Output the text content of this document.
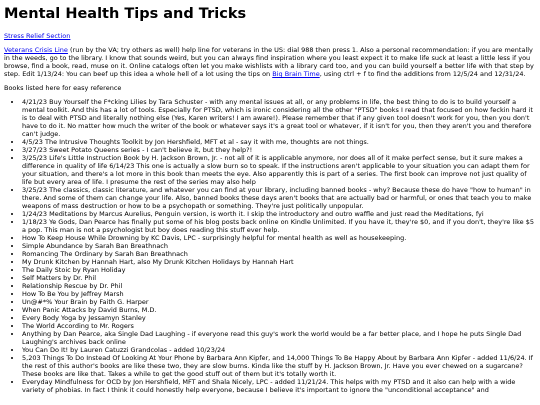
Mental Health Tips and Tricks
Stress Relief Section

Veterans Crisis Line (run by the VA; try others as well) help line for veterans in the US: dial 988 then press 1. Also a personal recommendation: if you are mentally in the weeds, go to the library. I know that sounds weird, but you can always find inspiration where you least expect it to make life suck at least a little less if you browse, find a book, read, muse on it. Online catalogs often let you make wishlists with a library card too, and you can build yourself a better life with that step by step. Edit 1/13/24: You can beef up this idea a whole hell of a lot using the tips on Big Brain Time, using ctrl + f to find the additions from 12/5/24 and 12/31/24.

Books listed here for easy reference

• 4/21/23 Buy Yourself the F*cking Lilies by Tara Schuster - with any mental issues at all, or any problems in life, the best thing to do is to build yourself a mental toolkit. And this has a lot of tools. Especially for PTSD, which is ironic considering all the other "PTSD" books I read that focused on how feckin hard it is to deal with PTSD and literally nothing else (Yes, Karen writers! I am aware!). Please remember that if any given tool doesn't work for you, then you don't have to do it. No matter how much the writer of the book or whatever says it's a great tool or whatever, if it isn't for you, then they aren't you and therefore can't judge.
• 4/5/23 The Intrusive Thoughts Toolkit by Jon Hershfield, MFT et al - say it with me, thoughts are not things.
• 3/27/23 Sweet Potato Queens series - I can't believe it, but they help?!
• 3/25/23 Life's Little Instruction Book by H. Jackson Brown, Jr. - not all of it is applicable anymore, nor does all of it make perfect sense, but it sure makes a difference in quality of life 6/14/23 This one is actually a slow burn so to speak. If the instructions aren't applicable to your situation you can adapt them for your situation, and there's a lot more in this book than meets the eye. Also apparently this is part of a series. The first book can improve not just quality of life but every area of life. I presume the rest of the series may also help
• 3/25/23 The classics, classic literature, and whatever you can find at your library, including banned books - why? Because these do have "how to human" in there. And some of them can change your life. Also, banned books these days aren't books that are actually bad or harmful, or ones that teach you to make weapons of mass destruction or how to be a psychopath or something. They're just politically unpopular.
• 1/24/23 Meditations by Marcus Aurelius, Penguin version, is worth it. I skip the introductory and outro waffle and just read the Meditations, fyi
• 1/18/23 Ye Gods, Dan Pearce has finally put some of his blog posts back online on Kindle Unlimited. If you have it, they're $0, and if you don't, they're like $5 a pop. This man is not a psychologist but boy does reading this stuff ever help.
• How To Keep House While Drowning by KC Davis, LPC - surprisingly helpful for mental health as well as housekeeping.
• Simple Abundance by Sarah Ban Breathnach
• Romancing The Ordinary by Sarah Ban Breathnach
• My Drunk Kitchen by Hannah Hart, also My Drunk Kitchen Holidays by Hannah Hart
• The Daily Stoic by Ryan Holiday
• Self Matters by Dr. Phil
• Relationship Rescue by Dr. Phil
• How To Be You by Jeffrey Marsh
• Un@#*% Your Brain by Faith G. Harper
• When Panic Attacks by David Burns, M.D.
• Every Body Yoga by Jessamyn Stanley
• The World According to Mr. Rogers
• Anything by Dan Pearce, aka Single Dad Laughing - if everyone read this guy's work the world would be a far better place, and I hope he puts Single Dad Laughing's archives back online
• You Can Do It! by Lauren Catuzzi Grandcolas - added 10/23/24
• 5,203 Things To Do Instead Of Looking At Your Phone by Barbara Ann Kipfer, and 14,000 Things To Be Happy About by Barbara Ann Kipfer - added 11/6/24. If the rest of this author's books are like these two, they are slow burns. Kinda like the stuff by H. Jackson Brown, Jr. Have you ever chewed on a sugarcane? These books are like that. Takes a while to get the good stuff out of them but it's totally worth it.
• Everyday Mindfulness for OCD by Jon Hershfield, MFT and Shala Nicely, LPC - added 11/21/24. This helps with my PTSD and it also can help with a wide variety of phobias. In fact I think it could honestly help everyone, because I believe it's important to ignore the "unconditional acceptance" and
